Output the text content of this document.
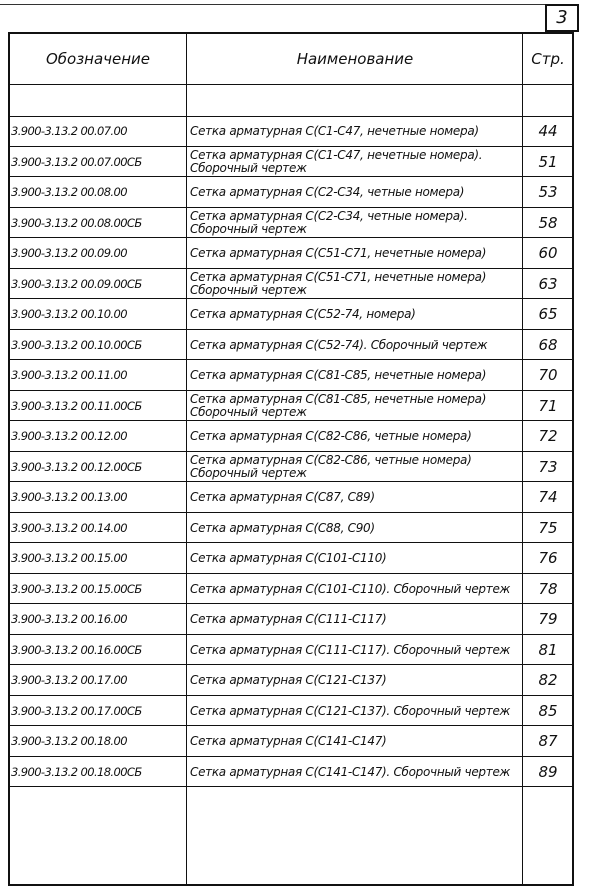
3
Обозначение	Наименование	Стр.
3.900-3.13.2 00.07.00	Сетка арматурная С(С1-С47, нечетные номера)	44
3.900-3.13.2 00.07.00СБ	Сетка арматурная С(С1-С47, нечетные номера). Сборочный чертеж	51
3.900-3.13.2 00.08.00	Сетка арматурная С(С2-С34, четные номера)	53
3.900-3.13.2 00.08.00СБ	Сетка арматурная С(С2-С34, четные номера). Сборочный чертеж	58
3.900-3.13.2 00.09.00	Сетка арматурная С(С51-С71, нечетные номера)	60
3.900-3.13.2 00.09.00СБ	Сетка арматурная С(С51-С71, нечетные номера) Сборочный чертеж	63
3.900-3.13.2 00.10.00	Сетка арматурная С(С52-74, номера)	65
3.900-3.13.2 00.10.00СБ	Сетка арматурная С(С52-74). Сборочный чертеж	68
3.900-3.13.2 00.11.00	Сетка арматурная С(С81-С85, нечетные номера)	70
3.900-3.13.2 00.11.00СБ	Сетка арматурная С(С81-С85, нечетные номера) Сборочный чертеж	71
3.900-3.13.2 00.12.00	Сетка арматурная С(С82-С86, четные номера)	72
3.900-3.13.2 00.12.00СБ	Сетка арматурная С(С82-С86, четные номера) Сборочный чертеж	73
3.900-3.13.2 00.13.00	Сетка арматурная С(С87, С89)	74
3.900-3.13.2 00.14.00	Сетка арматурная С(С88, С90)	75
3.900-3.13.2 00.15.00	Сетка арматурная С(С101-С110)	76
3.900-3.13.2 00.15.00СБ	Сетка арматурная С(С101-С110). Сборочный чертеж	78
3.900-3.13.2 00.16.00	Сетка арматурная С(С111-С117)	79
3.900-3.13.2 00.16.00СБ	Сетка арматурная С(С111-С117). Сборочный чертеж	81
3.900-3.13.2 00.17.00	Сетка арматурная С(С121-С137)	82
3.900-3.13.2 00.17.00СБ	Сетка арматурная С(С121-С137). Сборочный чертеж	85
3.900-3.13.2 00.18.00	Сетка арматурная С(С141-С147)	87
3.900-3.13.2 00.18.00СБ	Сетка арматурная С(С141-С147). Сборочный чертеж	89
